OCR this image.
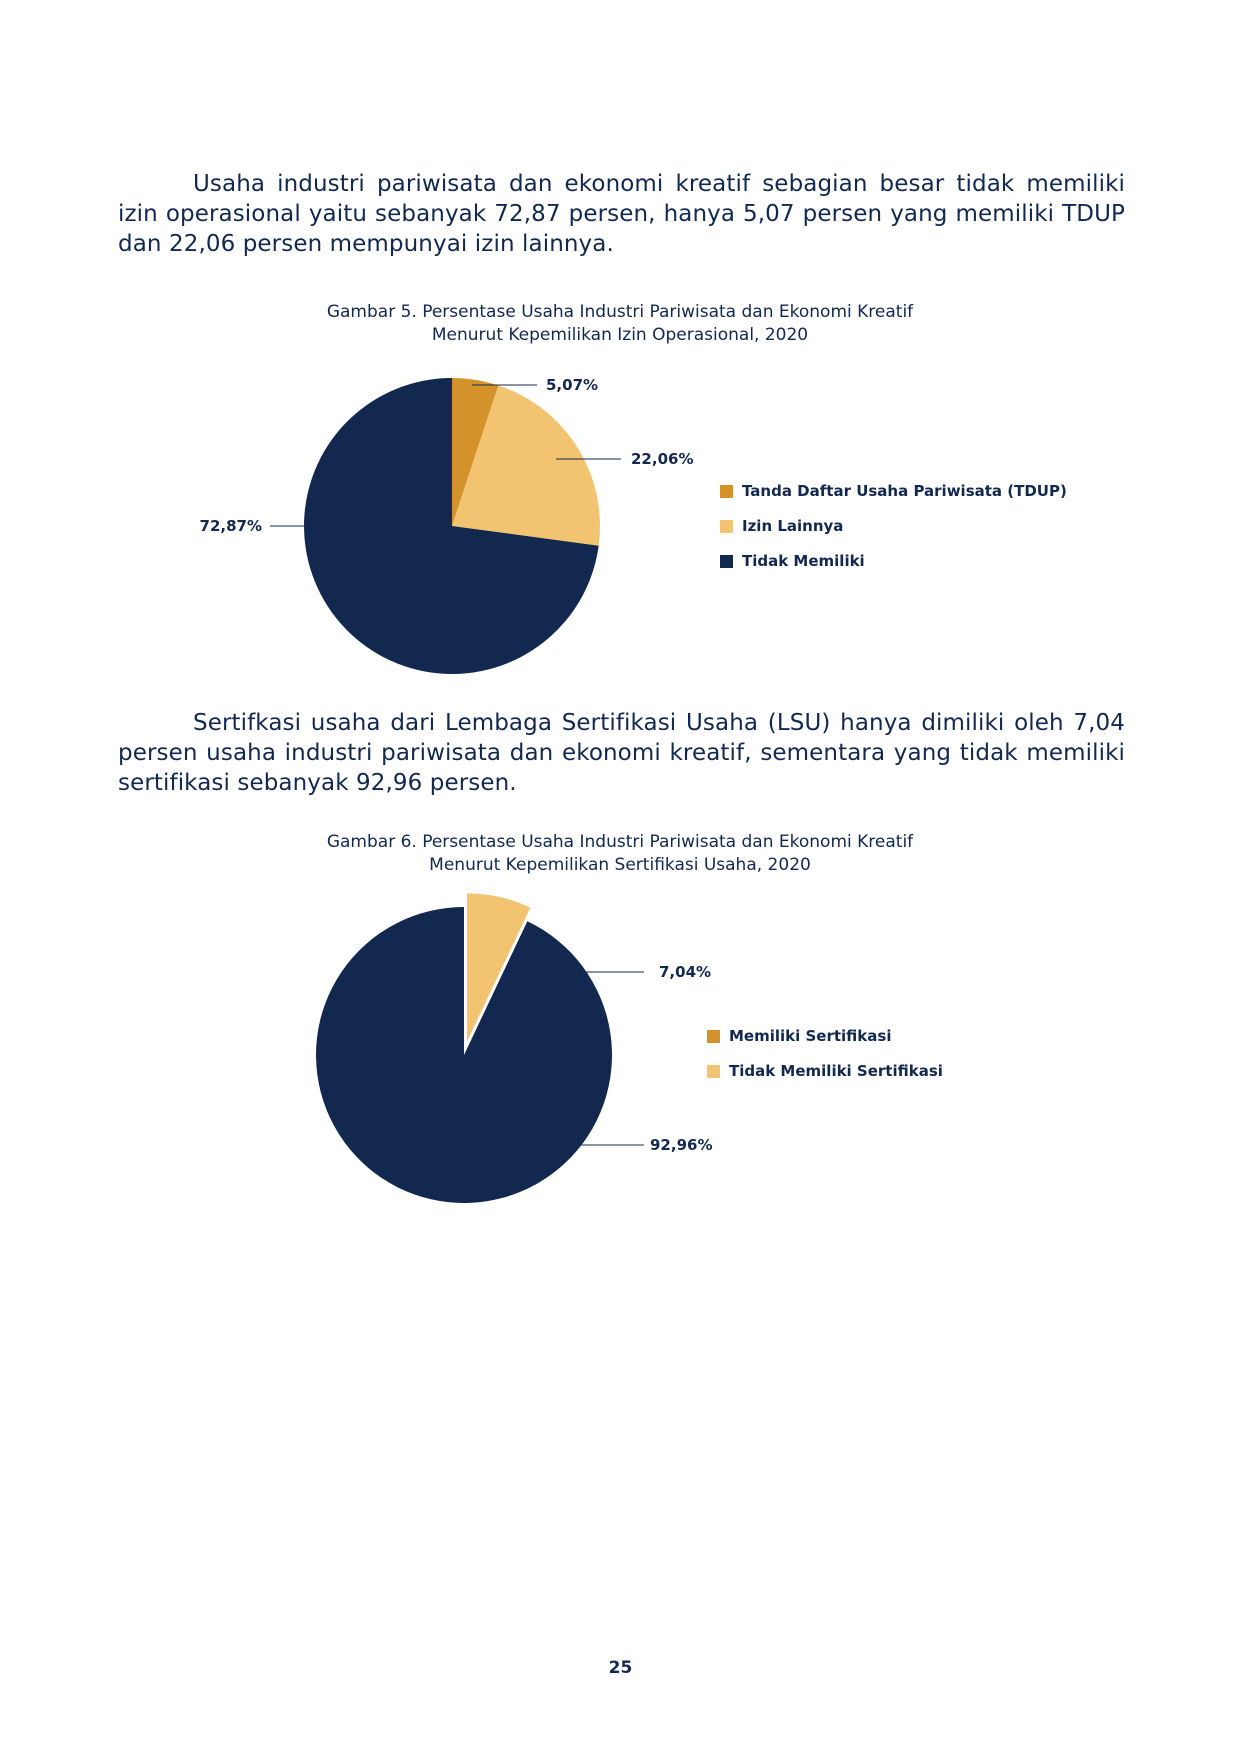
Usaha industri pariwisata dan ekonomi kreatif sebagian besar tidak memiliki izin operasional yaitu sebanyak 72,87 persen, hanya 5,07 persen yang memiliki TDUP dan 22,06 persen mempunyai izin lainnya.

Gambar 5. Persentase Usaha Industri Pariwisata dan Ekonomi Kreatif
Menurut Kepemilikan Izin Operasional, 2020
5,07%
22,06%
72,87%
Tanda Daftar Usaha Pariwisata (TDUP)
Izin Lainnya
Tidak Memiliki

Sertifkasi usaha dari Lembaga Sertifikasi Usaha (LSU) hanya dimiliki oleh 7,04 persen usaha industri pariwisata dan ekonomi kreatif, sementara yang tidak memiliki sertifikasi sebanyak 92,96 persen.

Gambar 6. Persentase Usaha Industri Pariwisata dan Ekonomi Kreatif
Menurut Kepemilikan Sertifikasi Usaha, 2020
7,04%
92,96%
Memiliki Sertifikasi
Tidak Memiliki Sertifikasi
25
